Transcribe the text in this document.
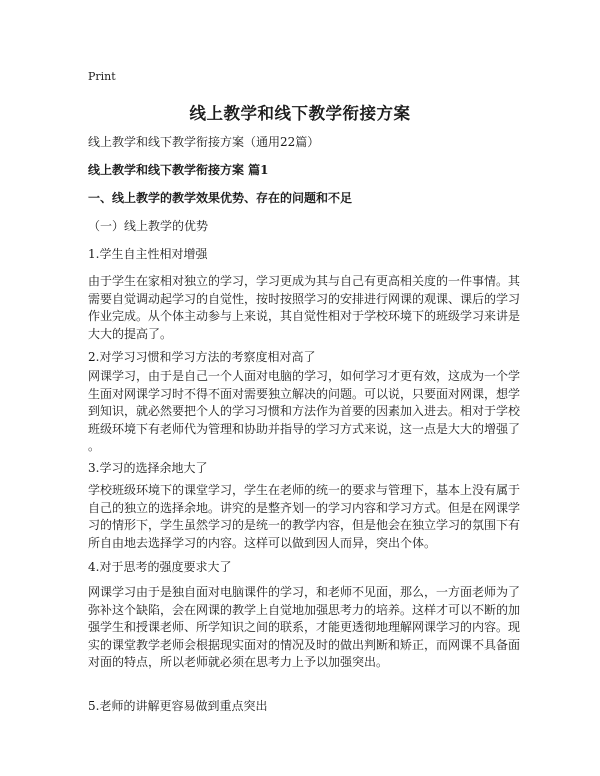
Print
线上教学和线下教学衔接方案
线上教学和线下教学衔接方案（通用22篇）
线上教学和线下教学衔接方案 篇1
一、线上教学的教学效果优势、存在的问题和不足
（一）线上教学的优势
1.学生自主性相对增强
由于学生在家相对独立的学习，学习更成为其与自己有更高相关度的一件事情。其
需要自觉调动起学习的自觉性，按时按照学习的安排进行网课的观课、课后的学习
作业完成。从个体主动参与上来说，其自觉性相对于学校环境下的班级学习来讲是
大大的提高了。
2.对学习习惯和学习方法的考察度相对高了
网课学习，由于是自己一个人面对电脑的学习，如何学习才更有效，这成为一个学
生面对网课学习时不得不面对需要独立解决的问题。可以说，只要面对网课，想学
到知识，就必然要把个人的学习习惯和方法作为首要的因素加入进去。相对于学校
班级环境下有老师代为管理和协助并指导的学习方式来说，这一点是大大的增强了
。
3.学习的选择余地大了
学校班级环境下的课堂学习，学生在老师的统一的要求与管理下，基本上没有属于
自己的独立的选择余地。讲究的是整齐划一的学习内容和学习方式。但是在网课学
习的情形下，学生虽然学习的是统一的教学内容，但是他会在独立学习的氛围下有
所自由地去选择学习的内容。这样可以做到因人而异，突出个体。
4.对于思考的强度要求大了
网课学习由于是独自面对电脑课件的学习，和老师不见面，那么，一方面老师为了
弥补这个缺陷，会在网课的教学上自觉地加强思考力的培养。这样才可以不断的加
强学生和授课老师、所学知识之间的联系，才能更透彻地理解网课学习的内容。现
实的课堂教学老师会根据现实面对的情况及时的做出判断和矫正，而网课不具备面
对面的特点，所以老师就必须在思考力上予以加强突出。
5.老师的讲解更容易做到重点突出
